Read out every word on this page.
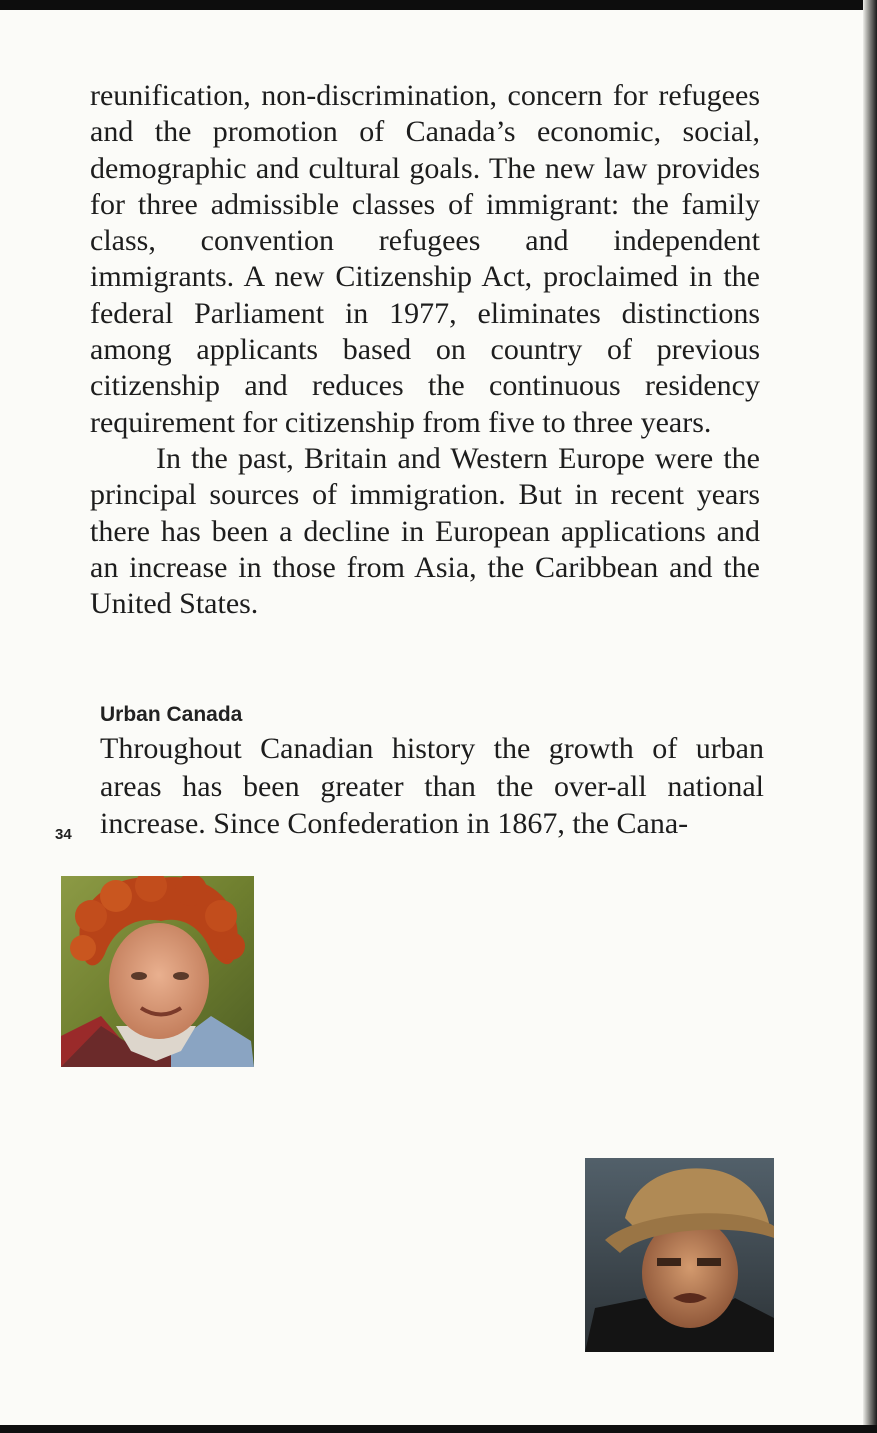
reunification, non-discrimination, concern for refugees and the promotion of Canada’s economic, social, demographic and cultural goals. The new law provides for three admissible classes of immigrant: the family class, convention refugees and independent immigrants. A new Citizenship Act, proclaimed in the federal Parliament in 1977, eliminates distinctions among applicants based on country of previous citizenship and reduces the continuous residency requirement for citizenship from five to three years.

In the past, Britain and Western Europe were the principal sources of immigration. But in recent years there has been a decline in European applications and an increase in those from Asia, the Caribbean and the United States.

Urban Canada
Throughout Canadian history the growth of urban areas has been greater than the over-all national increase. Since Confederation in 1867, the Cana-
34
